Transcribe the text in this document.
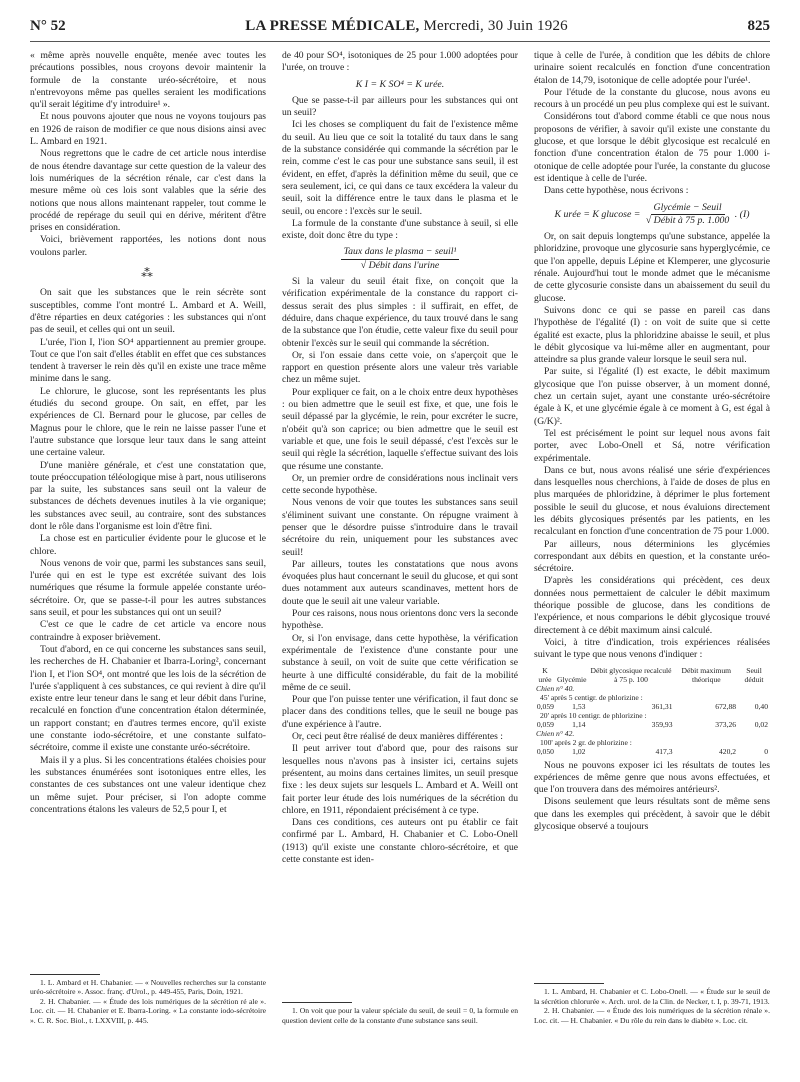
N° 52	LA PRESSE MÉDICALE, Mercredi, 30 Juin 1926	825

« même après nouvelle enquête, menée avec toutes les précautions possibles, nous croyons devoir maintenir la formule de la constante uréo-sécrétoire, et nous n'entrevoyons même pas quelles seraient les modifications qu'il serait légitime d'y introduire¹ ».

Et nous pouvons ajouter que nous ne voyons toujours pas en 1926 de raison de modifier ce que nous disions ainsi avec L. Ambard en 1921.

Nous regrettons que le cadre de cet article nous interdise de nous étendre davantage sur cette question de la valeur des lois numériques de la sécrétion rénale, car c'est dans la mesure même où ces lois sont valables que la série des notions que nous allons maintenant rappeler, tout comme le procédé de repérage du seuil qui en dérive, méritent d'être prises en considération.

Voici, brièvement rapportées, les notions dont nous voulons parler.

⁂

On sait que les substances que le rein sécrète sont susceptibles, comme l'ont montré L. Ambard et A. Weill, d'être réparties en deux catégories : les substances qui n'ont pas de seuil, et celles qui ont un seuil.

L'urée, l'ion I, l'ion SO⁴ appartiennent au premier groupe. Tout ce que l'on sait d'elles établit en effet que ces substances tendent à traverser le rein dès qu'il en existe une trace même minime dans le sang.

Le chlorure, le glucose, sont les représentants les plus étudiés du second groupe. On sait, en effet, par les expériences de Cl. Bernard pour le glucose, par celles de Magnus pour le chlore, que le rein ne laisse passer l'une et l'autre substance que lorsque leur taux dans le sang atteint une certaine valeur.

D'une manière générale, et c'est une constatation que, toute préoccupation téléologique mise à part, nous utiliserons par la suite, les substances sans seuil ont la valeur de substances de déchets devenues inutiles à la vie organique; les substances avec seuil, au contraire, sont des substances dont le rôle dans l'organisme est loin d'être fini.

La chose est en particulier évidente pour le glucose et le chlore.

Nous venons de voir que, parmi les substances sans seuil, l'urée qui en est le type est excrétée suivant des lois numériques que résume la formule appelée constante uréo-sécrétoire. Or, que se passe-t-il pour les autres substances sans seuil, et pour les substances qui ont un seuil?

C'est ce que le cadre de cet article va encore nous contraindre à exposer brièvement.

Tout d'abord, en ce qui concerne les substances sans seuil, les recherches de H. Chabanier et Ibarra-Loring², concernant l'ion I, et l'ion SO⁴, ont montré que les lois de la sécrétion de l'urée s'appliquent à ces substances, ce qui revient à dire qu'il existe entre leur teneur dans le sang et leur débit dans l'urine, recalculé en fonction d'une concentration étalon déterminée, un rapport constant; en d'autres termes encore, qu'il existe une constante iodo-sécrétoire, et une constante sulfato-sécrétoire, comme il existe une constante uréo-sécrétoire.

Mais il y a plus. Si les concentrations étalées choisies pour les substances énumérées sont isotoniques entre elles, les constantes de ces substances ont une valeur identique chez un même sujet. Pour préciser, si l'on adopte comme concentrations étalons les valeurs de 52,5 pour I, et

1. L. Ambard et H. Chabanier. — « Nouvelles recherches sur la constante uréo-sécrétoire ». Assoc. franç. d'Urol., p. 449-455, Paris, Doin, 1921.

2. H. Chabanier. — « Étude des lois numériques de la sécrétion ré ale ». Loc. cit. — H. Chabanier et E. Ibarra-Loring. « La constante iodo-sécrétoire ». C. R. Soc. Biol., t. LXXVIII, p. 445.

de 40 pour SO⁴, isotoniques de 25 pour 1.000 adoptées pour l'urée, on trouve :

K I = K SO⁴ = K urée.

Que se passe-t-il par ailleurs pour les substances qui ont un seuil?

Ici les choses se compliquent du fait de l'existence même du seuil. Au lieu que ce soit la totalité du taux dans le sang de la substance considérée qui commande la sécrétion par le rein, comme c'est le cas pour une substance sans seuil, il est évident, en effet, d'après la définition même du seuil, que ce sera seulement, ici, ce qui dans ce taux excédera la valeur du seuil, soit la différence entre le taux dans le plasma et le seuil, ou encore : l'excès sur le seuil.

La formule de la constante d'une substance à seuil, si elle existe, doit donc être du type :

$\frac{\text{Taux dans le plasma − seuil¹}}{\text{√ Débit dans l'urine}}$

Si la valeur du seuil était fixe, on conçoit que la vérification expérimentale de la constance du rapport ci-dessus serait des plus simples : il suffirait, en effet, de déduire, dans chaque expérience, du taux trouvé dans le sang de la substance que l'on étudie, cette valeur fixe du seuil pour obtenir l'excès sur le seuil qui commande la sécrétion.

Or, si l'on essaie dans cette voie, on s'aperçoit que le rapport en question présente alors une valeur très variable chez un même sujet.

Pour expliquer ce fait, on a le choix entre deux hypothèses : ou bien admettre que le seuil est fixe, et que, une fois le seuil dépassé par la glycémie, le rein, pour excréter le sucre, n'obéit qu'à son caprice; ou bien admettre que le seuil est variable et que, une fois le seuil dépassé, c'est l'excès sur le seuil qui règle la sécrétion, laquelle s'effectue suivant des lois que résume une constante.

Or, un premier ordre de considérations nous inclinait vers cette seconde hypothèse.

Nous venons de voir que toutes les substances sans seuil s'éliminent suivant une constante. On répugne vraiment à penser que le désordre puisse s'introduire dans le travail sécrétoire du rein, uniquement pour les substances avec seuil!

Par ailleurs, toutes les constatations que nous avons évoquées plus haut concernant le seuil du glucose, et qui sont dues notamment aux auteurs scandinaves, mettent hors de doute que le seuil ait une valeur variable.

Pour ces raisons, nous nous orientons donc vers la seconde hypothèse.

Or, si l'on envisage, dans cette hypothèse, la vérification expérimentale de l'existence d'une constante pour une substance à seuil, on voit de suite que cette vérification se heurte à une difficulté considérable, du fait de la mobilité même de ce seuil.

Pour que l'on puisse tenter une vérification, il faut donc se placer dans des conditions telles, que le seuil ne bouge pas d'une expérience à l'autre.

Or, ceci peut être réalisé de deux manières différentes :

Il peut arriver tout d'abord que, pour des raisons sur lesquelles nous n'avons pas à insister ici, certains sujets présentent, au moins dans certaines limites, un seuil presque fixe : les deux sujets sur lesquels L. Ambard et A. Weill ont fait porter leur étude des lois numériques de la sécrétion du chlore, en 1911, répondaient précisément à ce type.

Dans ces conditions, ces auteurs ont pu établir ce fait confirmé par L. Ambard, H. Chabanier et C. Lobo-Onell (1913) qu'il existe une constante chloro-sécrétoire, et que cette constante est iden-

1. On voit que pour la valeur spéciale du seuil, de seuil = 0, la formule en question devient celle de la constante d'une substance sans seuil.

tique à celle de l'urée, à condition que les débits de chlore urinaire soient recalculés en fonction d'une concentration étalon de 14,79, isotonique de celle adoptée pour l'urée¹.

Pour l'étude de la constante du glucose, nous avons eu recours à un procédé un peu plus complexe qui est le suivant.

Considérons tout d'abord comme établi ce que nous nous proposons de vérifier, à savoir qu'il existe une constante du glucose, et que lorsque le débit glycosique est recalculé en fonction d'une concentration étalon de 75 pour 1.000 i-otonique de celle adoptée pour l'urée, la constante du glucose est identique à celle de l'urée.

Dans cette hypothèse, nous écrivons :

K urée = K $glucose = \frac{\text{Glycémie − Seuil}}{\text{√ Débit à 75 p. 1.000}}$ . (I)

Or, on sait depuis longtemps qu'une substance, appelée la phloridzine, provoque une glycosurie sans hyperglycémie, ce que l'on appelle, depuis Lépine et Klemperer, une glycosurie rénale. Aujourd'hui tout le monde admet que le mécanisme de cette glycosurie consiste dans un abaissement du seuil du glucose.

Suivons donc ce qui se passe en pareil cas dans l'hypothèse de l'égalité (I) : on voit de suite que si cette égalité est exacte, plus la phloridzine abaisse le seuil, et plus le débit glycosique va lui-même aller en augmentant, pour atteindre sa plus grande valeur lorsque le seuil sera nul.

Par suite, si l'égalité (I) est exacte, le débit maximum glycosique que l'on puisse observer, à un moment donné, chez un certain sujet, ayant une constante uréo-sécrétoire égale à K, et une glycémie égale à ce moment à G, est égal à (G/K)².

Tel est précisément le point sur lequel nous avons fait porter, avec Lobo-Onell et Sá, notre vérification expérimentale.

Dans ce but, nous avons réalisé une série d'expériences dans lesquelles nous cherchions, à l'aide de doses de plus en plus marquées de phloridzine, à déprimer le plus fortement possible le seuil du glucose, et nous évaluions directement les débits glycosiques présentés par les patients, en les recalculant en fonction d'une concentration de 75 pour 1.000.

Par ailleurs, nous déterminions les glycémies correspondant aux débits en question, et la constante uréo-sécrétoire.

D'après les considérations qui précèdent, ces deux données nous permettaient de calculer le débit maximum théorique possible de glucose, dans les conditions de l'expérience, et nous comparions le débit glycosique trouvé directement à ce débit maximum ainsi calculé.

Voici, à titre d'indication, trois expériences réalisées suivant le type que nous venons d'indiquer :

K urée	Glycémie	Débit glycosique recalculé à 75 p. 100	Débit maximum théorique	Seuil déduit
Chien n° 40.				
45' après 5 centigr. de phlorizine :				
0,059	1,53	361,31	672,88	0,40
20' après 10 centigr. de phlorizine :				
0,059	1,14	359,93	373,26	0,02
Chien n° 42.				
100' après 2 gr. de phlorizine :				
0,050	1,02	417,3	420,2	0

Nous ne pouvons exposer ici les résultats de toutes les expériences de même genre que nous avons effectuées, et que l'on trouvera dans des mémoires antérieurs².

Disons seulement que leurs résultats sont de même sens que dans les exemples qui précèdent, à savoir que le débit glycosique observé a toujours

1. L. Ambard, H. Chabanier et C. Lobo-Onell. — « Étude sur le seuil de la sécrétion chlorurée ». Arch. urol. de la Clin. de Necker, t. I, p. 39-71, 1913.

2. H. Chabanier. — « Étude des lois numériques de la sécrétion rénale ». Loc. cit. — H. Chabanier. « Du rôle du rein dans le diabète ». Loc. cit.
